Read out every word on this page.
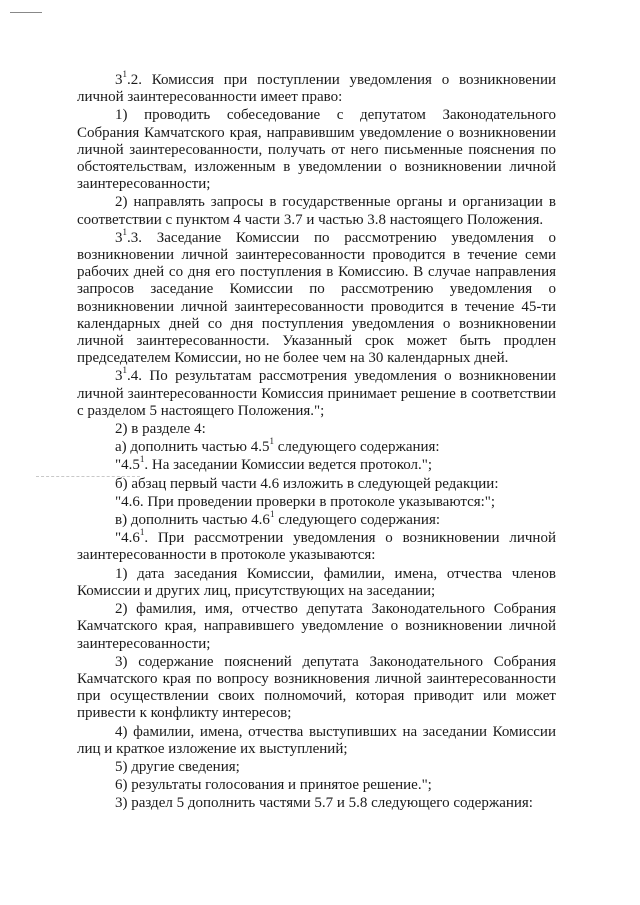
$3^1.2$. Комиссия при поступлении уведомления о возникновении личной заинтересованности имеет право:

1) проводить собеседование с депутатом Законодательного Собрания Камчатского края, направившим уведомление о возникновении личной заинтересованности, получать от него письменные пояснения по обстоятельствам, изложенным в уведомлении о возникновении личной заинтересованности;

2) направлять запросы в государственные органы и организации в соответствии с пунктом 4 части 3.7 и частью 3.8 настоящего Положения.

$3^1.3$. Заседание Комиссии по рассмотрению уведомления о возникновении личной заинтересованности проводится в течение семи рабочих дней со дня его поступления в Комиссию. В случае направления запросов заседание Комиссии по рассмотрению уведомления о возникновении личной заинтересованности проводится в течение 45-ти календарных дней со дня поступления уведомления о возникновении личной заинтересованности. Указанный срок может быть продлен председателем Комиссии, но не более чем на 30 календарных дней.

$3^1.4$. По результатам рассмотрения уведомления о возникновении личной заинтересованности Комиссия принимает решение в соответствии с разделом 5 настоящего Положения.";

2) в разделе 4:

а) дополнить частью $4.5^1$ следующего содержания:

"$4.5^1$. На заседании Комиссии ведется протокол.";

б) абзац первый части 4.6 изложить в следующей редакции:

"4.6. При проведении проверки в протоколе указываются:";

в) дополнить частью $4.6^1$ следующего содержания:

"$4.6^1$. При рассмотрении уведомления о возникновении личной заинтересованности в протоколе указываются:

1) дата заседания Комиссии, фамилии, имена, отчества членов Комиссии и других лиц, присутствующих на заседании;

2) фамилия, имя, отчество депутата Законодательного Собрания Камчатского края, направившего уведомление о возникновении личной заинтересованности;

3) содержание пояснений депутата Законодательного Собрания Камчатского края по вопросу возникновения личной заинтересованности при осуществлении своих полномочий, которая приводит или может привести к конфликту интересов;

4) фамилии, имена, отчества выступивших на заседании Комиссии лиц и краткое изложение их выступлений;

5) другие сведения;

6) результаты голосования и принятое решение.";

3) раздел 5 дополнить частями 5.7 и 5.8 следующего содержания:
